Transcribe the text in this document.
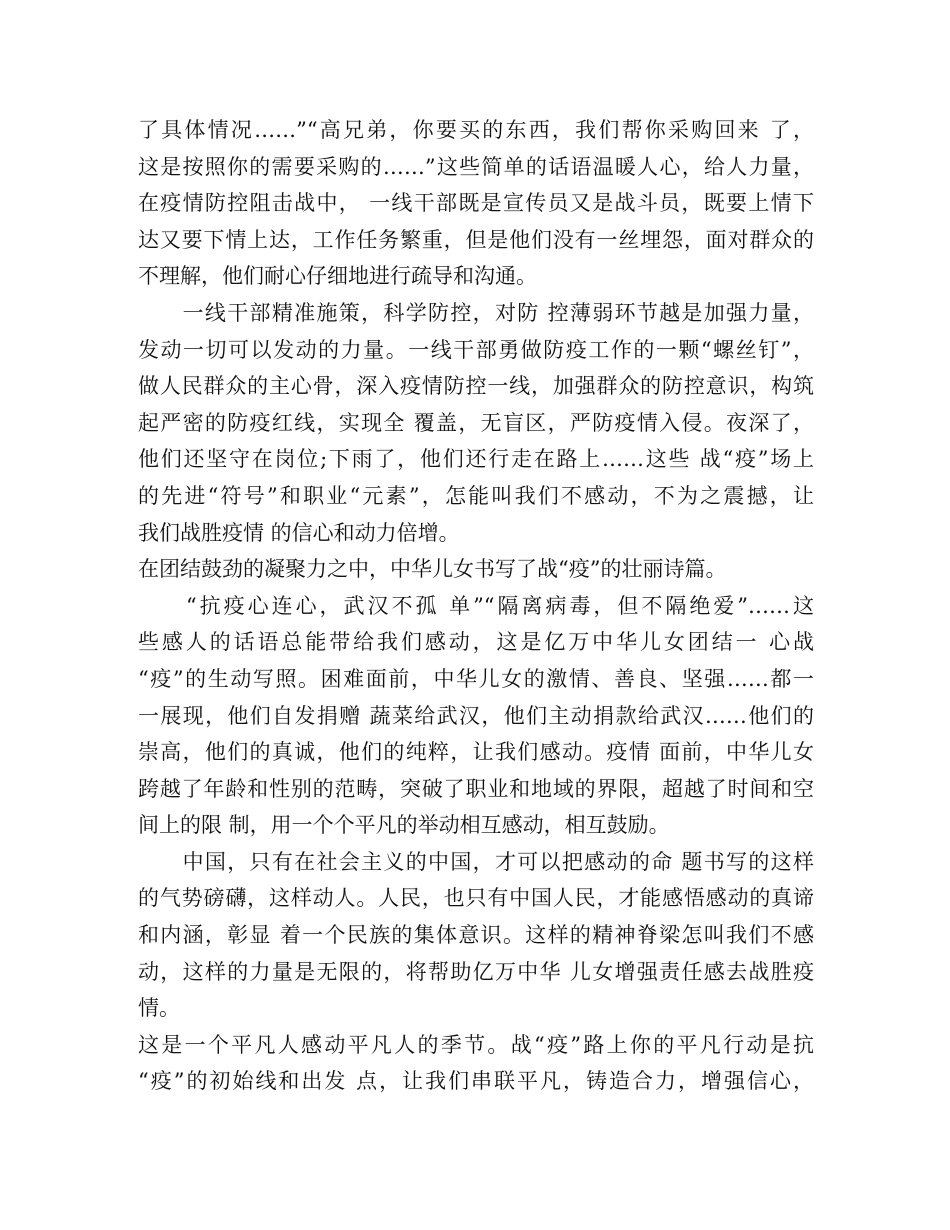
了具体情况……”“高兄弟，你要买的东西，我们帮你采购回来 了，
这是按照你的需要采购的……”这些简单的话语温暖人心，给人力量，
在疫情防控阻击战中， 一线干部既是宣传员又是战斗员，既要上情下
达又要下情上达，工作任务繁重，但是他们没有一丝埋怨，面对群众的
不理解，他们耐心仔细地进行疏导和沟通。
　　一线干部精准施策，科学防控，对防 控薄弱环节越是加强力量，
发动一切可以发动的力量。一线干部勇做防疫工作的一颗“螺丝钉”，
做人民群众的主心骨，深入疫情防控一线，加强群众的防控意识，构筑
起严密的防疫红线，实现全 覆盖，无盲区，严防疫情入侵。夜深了，
他们还坚守在岗位;下雨了，他们还行走在路上……这些 战“疫”场上
的先进“符号”和职业“元素”，怎能叫我们不感动，不为之震撼，让
我们战胜疫情 的信心和动力倍增。
在团结鼓劲的凝聚力之中，中华儿女书写了战“疫”的壮丽诗篇。
　　“抗疫心连心，武汉不孤 单”“隔离病毒，但不隔绝爱”……这
些感人的话语总能带给我们感动，这是亿万中华儿女团结一 心战
“疫”的生动写照。困难面前，中华儿女的激情、善良、坚强……都一
一展现，他们自发捐赠 蔬菜给武汉，他们主动捐款给武汉……他们的
崇高，他们的真诚，他们的纯粹，让我们感动。疫情 面前，中华儿女
跨越了年龄和性别的范畴，突破了职业和地域的界限，超越了时间和空
间上的限 制，用一个个平凡的举动相互感动，相互鼓励。
　　中国，只有在社会主义的中国，才可以把感动的命 题书写的这样
的气势磅礴，这样动人。人民，也只有中国人民，才能感悟感动的真谛
和内涵，彰显 着一个民族的集体意识。这样的精神脊梁怎叫我们不感
动，这样的力量是无限的，将帮助亿万中华 儿女增强责任感去战胜疫
情。
这是一个平凡人感动平凡人的季节。战“疫”路上你的平凡行动是抗
“疫”的初始线和出发 点，让我们串联平凡，铸造合力，增强信心，
